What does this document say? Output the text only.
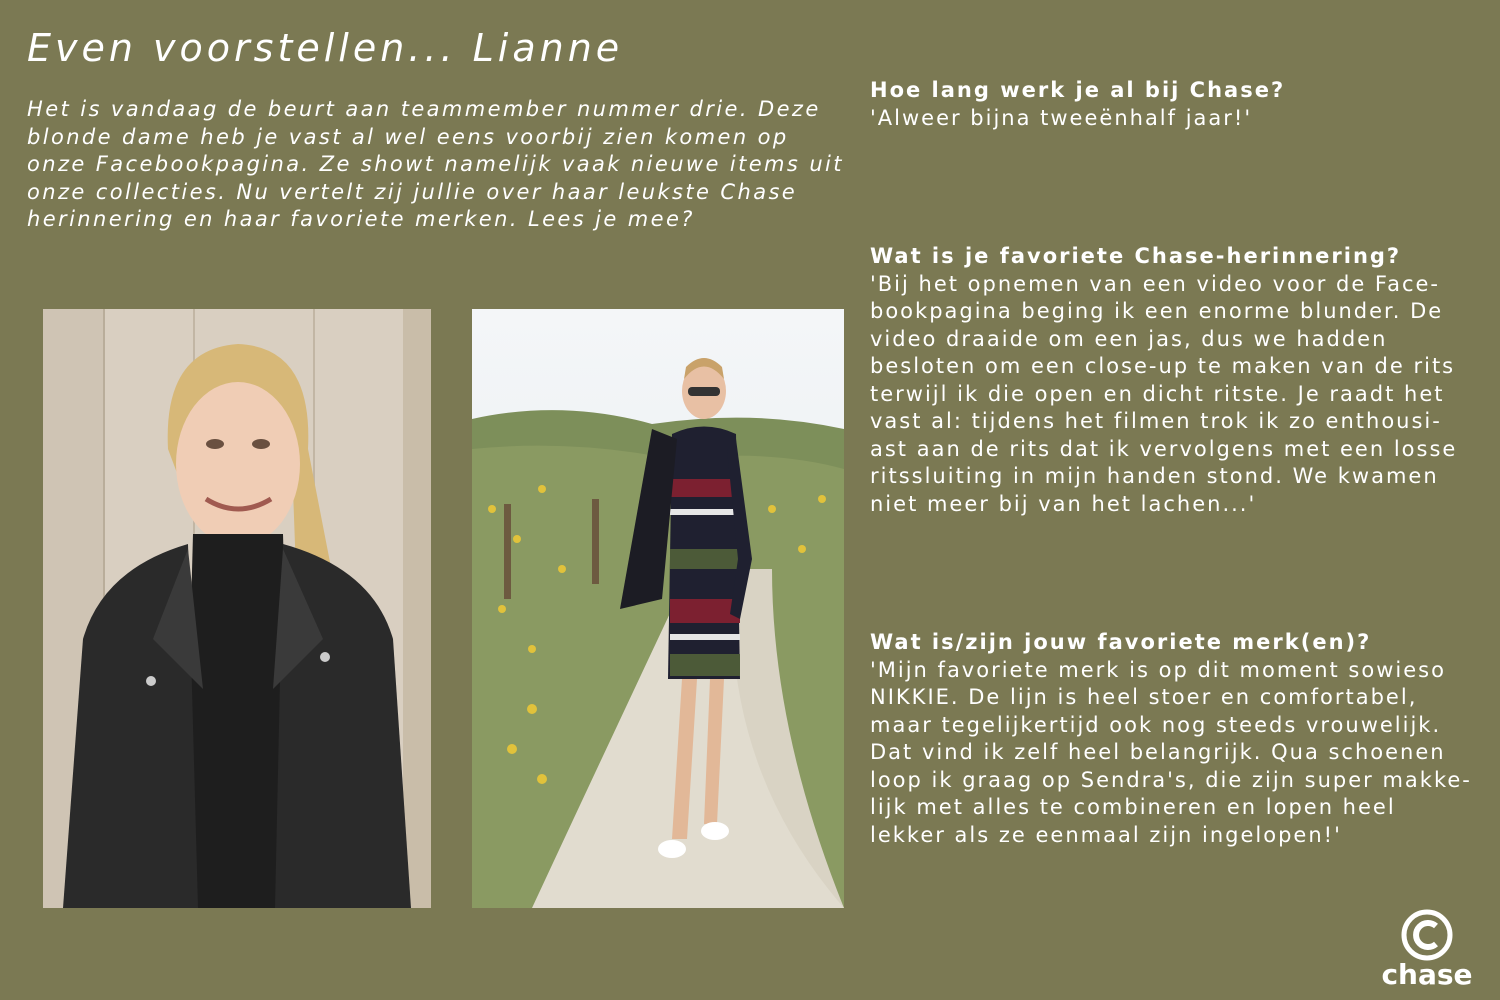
Even voorstellen... Lianne

Het is vandaag de beurt aan teammember nummer drie. Deze blonde dame heb je vast al wel eens voorbij zien komen op onze Facebookpagina. Ze showt namelijk vaak nieuwe items uit onze collecties. Nu vertelt zij jullie over haar leukste Chase herinnering en haar favoriete merken. Lees je mee?

Hoe lang werk je al bij Chase?

'Alweer bijna tweeënhalf jaar!'

Wat is je favoriete Chase-herinnering?

'Bij het opnemen van een video voor de Face-
bookpagina beging ik een enorme blunder. De
video draaide om een jas, dus we hadden
besloten om een close-up te maken van de rits
terwijl ik die open en dicht ritste. Je raadt het
vast al: tijdens het filmen trok ik zo enthousi-
ast aan de rits dat ik vervolgens met een losse
ritssluiting in mijn handen stond. We kwamen
niet meer bij van het lachen...'

Wat is/zijn jouw favoriete merk(en)?

'Mijn favoriete merk is op dit moment sowieso
NIKKIE. De lijn is heel stoer en comfortabel,
maar tegelijkertijd ook nog steeds vrouwelijk.
Dat vind ik zelf heel belangrijk. Qua schoenen
loop ik graag op Sendra's, die zijn super makke-
lijk met alles te combineren en lopen heel
lekker als ze eenmaal zijn ingelopen!'

chase
